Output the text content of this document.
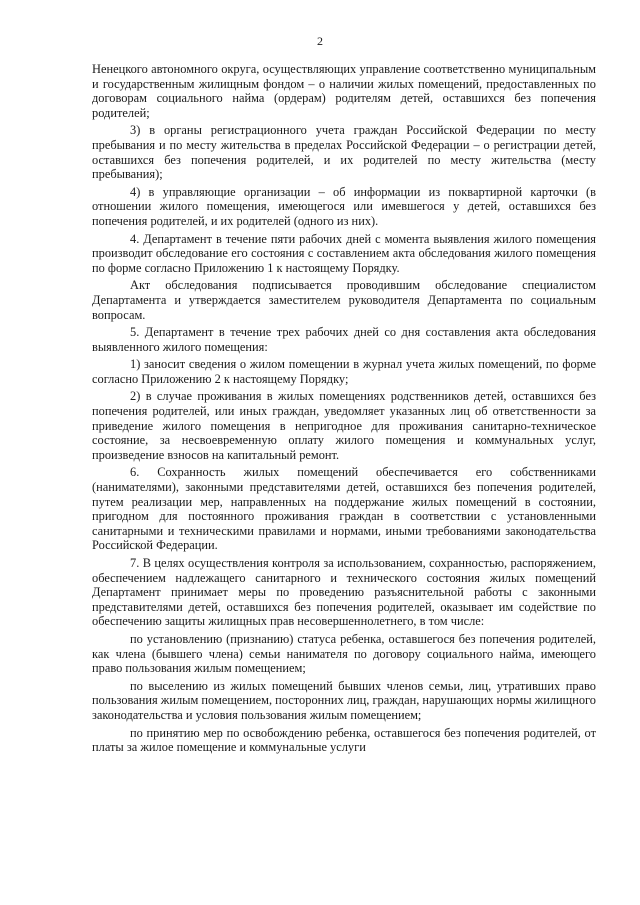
2

Ненецкого автономного округа, осуществляющих управление соответственно муниципальным и государственным жилищным фондом – о наличии жилых помещений, предоставленных по договорам социального найма (ордерам) родителям детей, оставшихся без попечения родителей;

3) в органы регистрационного учета граждан Российской Федерации по месту пребывания и по месту жительства в пределах Российской Федерации – о регистрации детей, оставшихся без попечения родителей, и их родителей по месту жительства (месту пребывания);

4) в управляющие организации – об информации из поквартирной карточки (в отношении жилого помещения, имеющегося или имевшегося у детей, оставшихся без попечения родителей, и их родителей (одного из них).

4. Департамент в течение пяти рабочих дней с момента выявления жилого помещения производит обследование его состояния с составлением акта обследования жилого помещения по форме согласно Приложению 1 к настоящему Порядку.

Акт обследования подписывается проводившим обследование специалистом Департамента и утверждается заместителем руководителя Департамента по социальным вопросам.

5. Департамент в течение трех рабочих дней со дня составления акта обследования выявленного жилого помещения:

1) заносит сведения о жилом помещении в журнал учета жилых помещений, по форме согласно Приложению 2 к настоящему Порядку;

2) в случае проживания в жилых помещениях родственников детей, оставшихся без попечения родителей, или иных граждан, уведомляет указанных лиц об ответственности за приведение жилого помещения в непригодное для проживания санитарно-техническое состояние, за несвоевременную оплату жилого помещения и коммунальных услуг, произведение взносов на капитальный ремонт.

6. Сохранность жилых помещений обеспечивается его собственниками (нанимателями), законными представителями детей, оставшихся без попечения родителей, путем реализации мер, направленных на поддержание жилых помещений в состоянии, пригодном для постоянного проживания граждан в соответствии с установленными санитарными и техническими правилами и нормами, иными требованиями законодательства Российской Федерации.

7. В целях осуществления контроля за использованием, сохранностью, распоряжением, обеспечением надлежащего санитарного и технического состояния жилых помещений Департамент принимает меры по проведению разъяснительной работы с законными представителями детей, оставшихся без попечения родителей, оказывает им содействие по обеспечению защиты жилищных прав несовершеннолетнего, в том числе:

по установлению (признанию) статуса ребенка, оставшегося без попечения родителей, как члена (бывшего члена) семьи нанимателя по договору социального найма, имеющего право пользования жилым помещением;

по выселению из жилых помещений бывших членов семьи, лиц, утративших право пользования жилым помещением, посторонних лиц, граждан, нарушающих нормы жилищного законодательства и условия пользования жилым помещением;

по принятию мер по освобождению ребенка, оставшегося без попечения родителей, от платы за жилое помещение и коммунальные услуги
